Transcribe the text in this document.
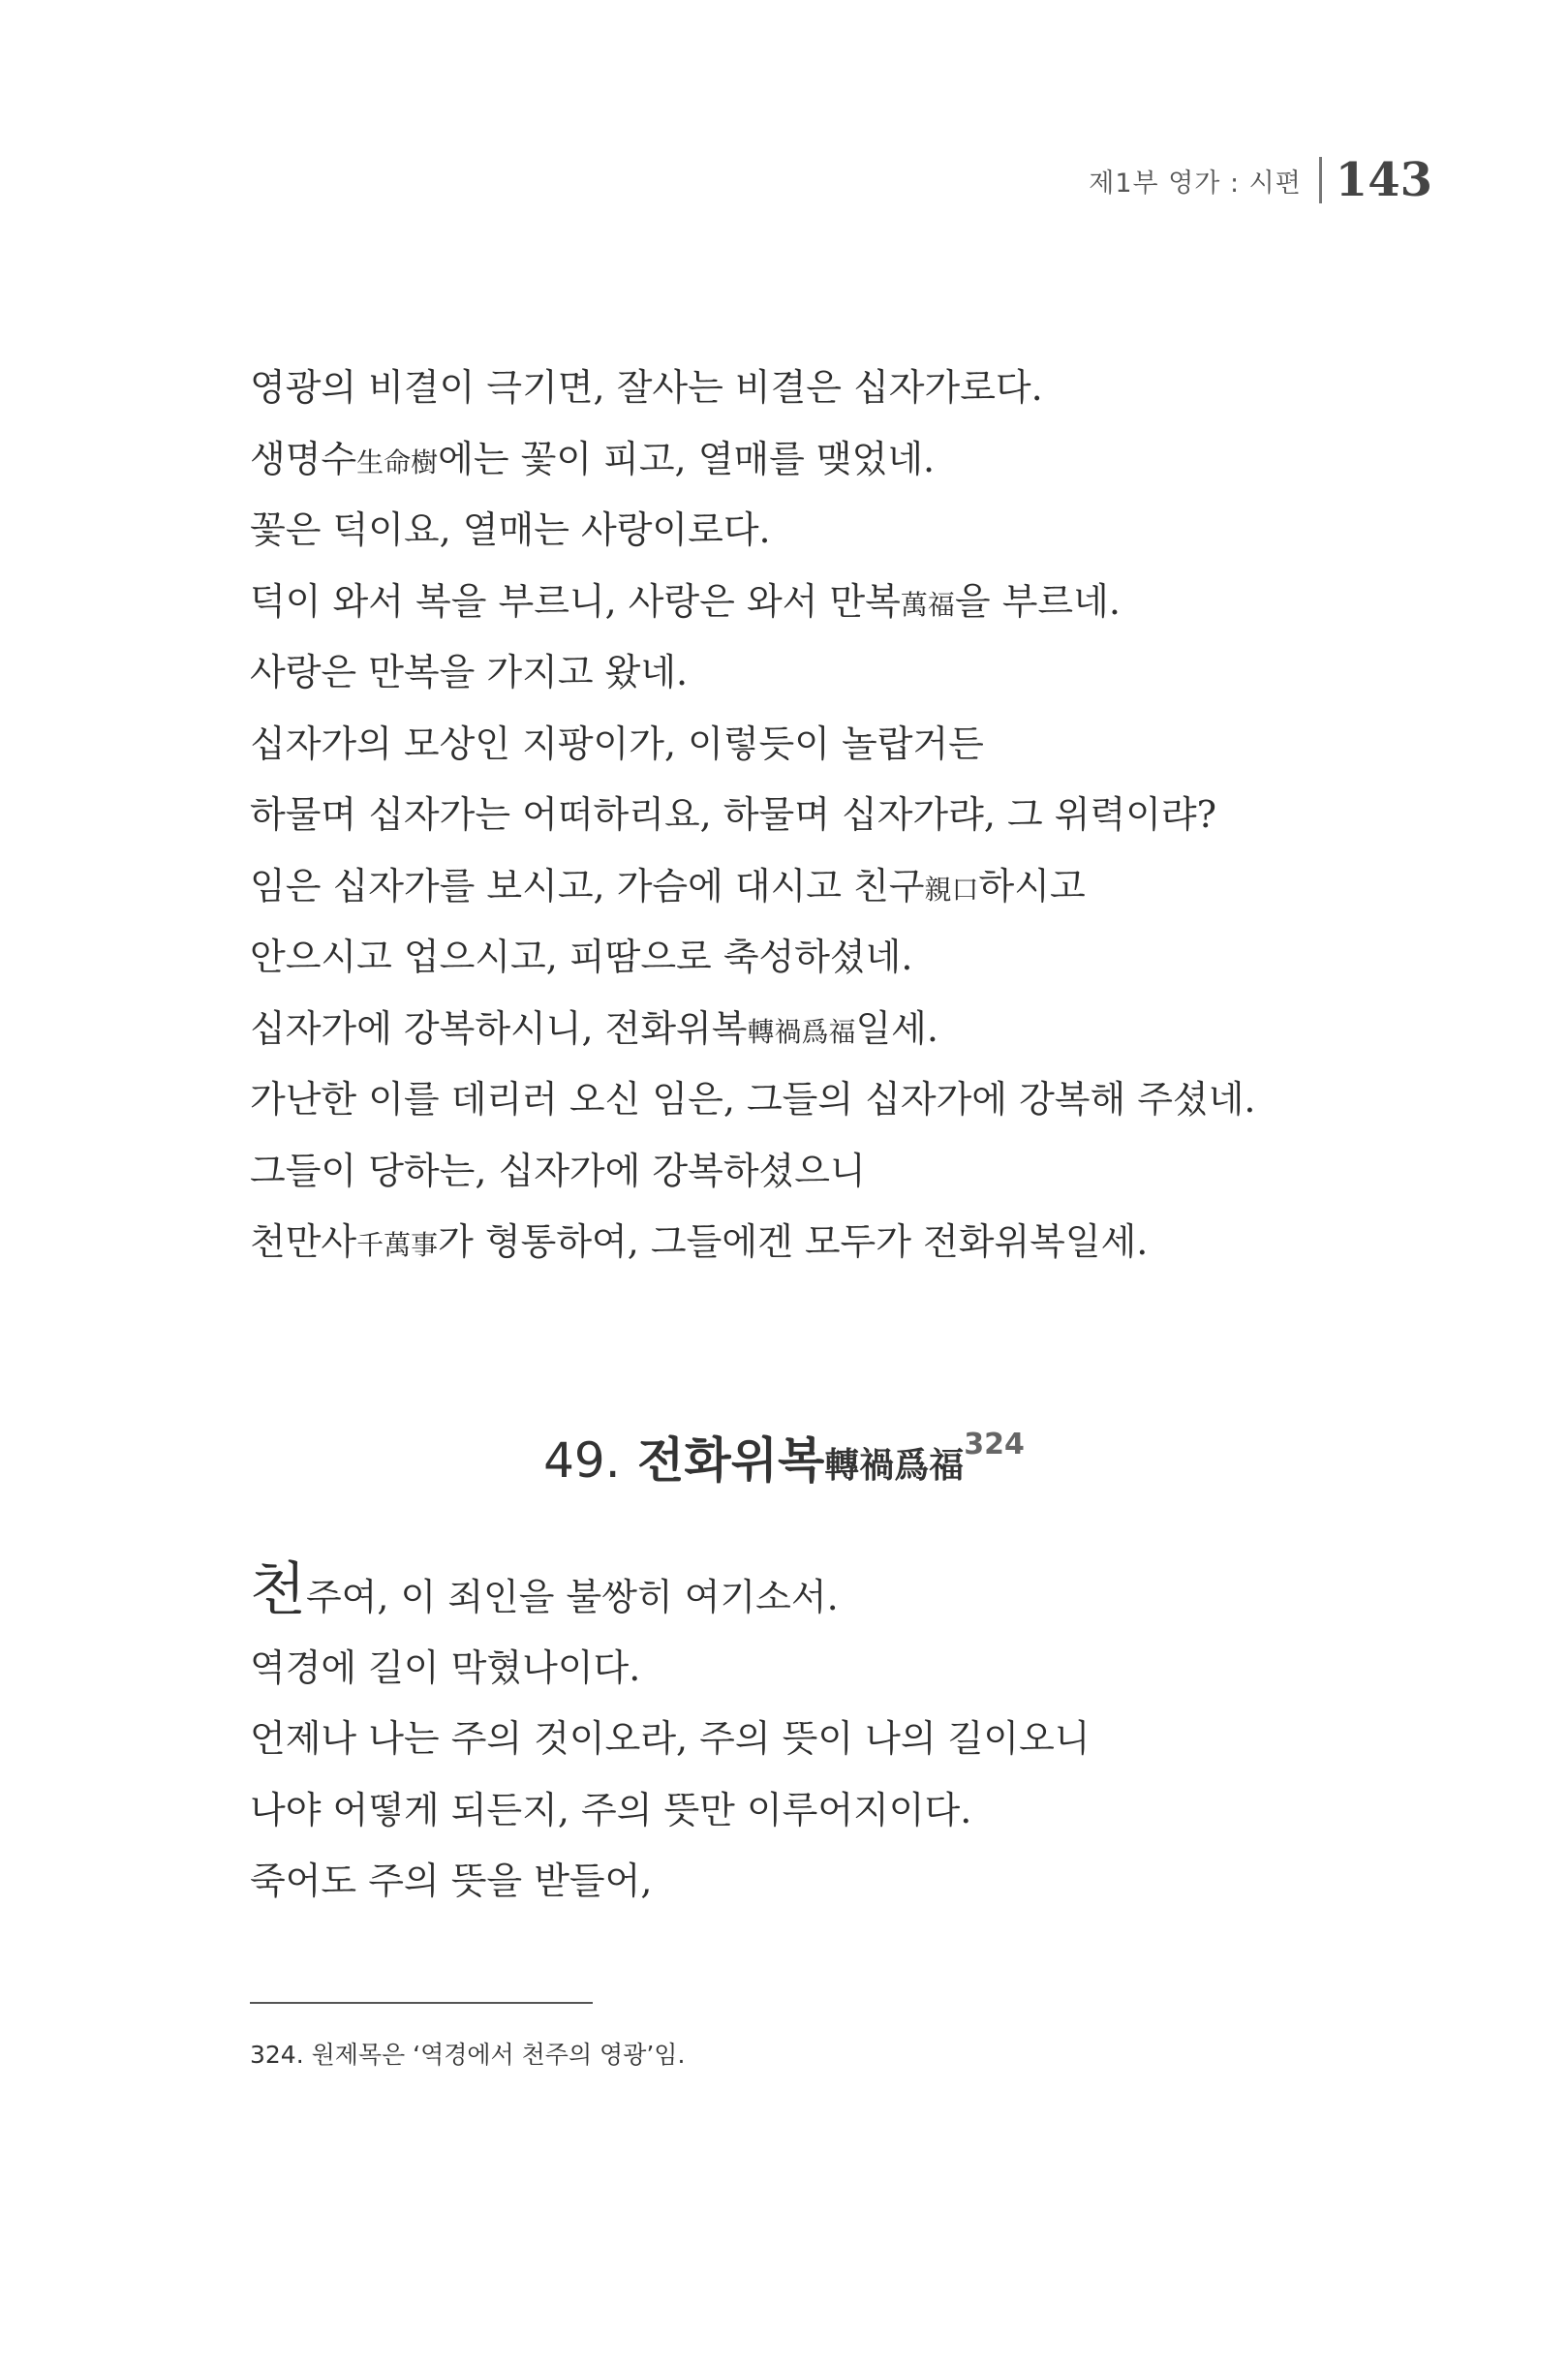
제1부 영가 : 시편 143
영광의 비결이 극기면, 잘사는 비결은 십자가로다.
생명수生命樹에는 꽃이 피고, 열매를 맺었네.
꽃은 덕이요, 열매는 사랑이로다.
덕이 와서 복을 부르니, 사랑은 와서 만복萬福을 부르네.
사랑은 만복을 가지고 왔네.
십자가의 모상인 지팡이가, 이렇듯이 놀랍거든
하물며 십자가는 어떠하리요, 하물며 십자가랴, 그 위력이랴?
임은 십자가를 보시고, 가슴에 대시고 친구親口하시고
안으시고 업으시고, 피땀으로 축성하셨네.
십자가에 강복하시니, 전화위복轉禍爲福일세.
가난한 이를 데리러 오신 임은, 그들의 십자가에 강복해 주셨네.
그들이 당하는, 십자가에 강복하셨으니
천만사千萬事가 형통하여, 그들에겐 모두가 전화위복일세.
49. 전화위복轉禍爲福$^{324}$
천주여, 이 죄인을 불쌍히 여기소서.
역경에 길이 막혔나이다.
언제나 나는 주의 것이오라, 주의 뜻이 나의 길이오니
나야 어떻게 되든지, 주의 뜻만 이루어지이다.
죽어도 주의 뜻을 받들어,
324. 원제목은 ‘역경에서 천주의 영광’임.
